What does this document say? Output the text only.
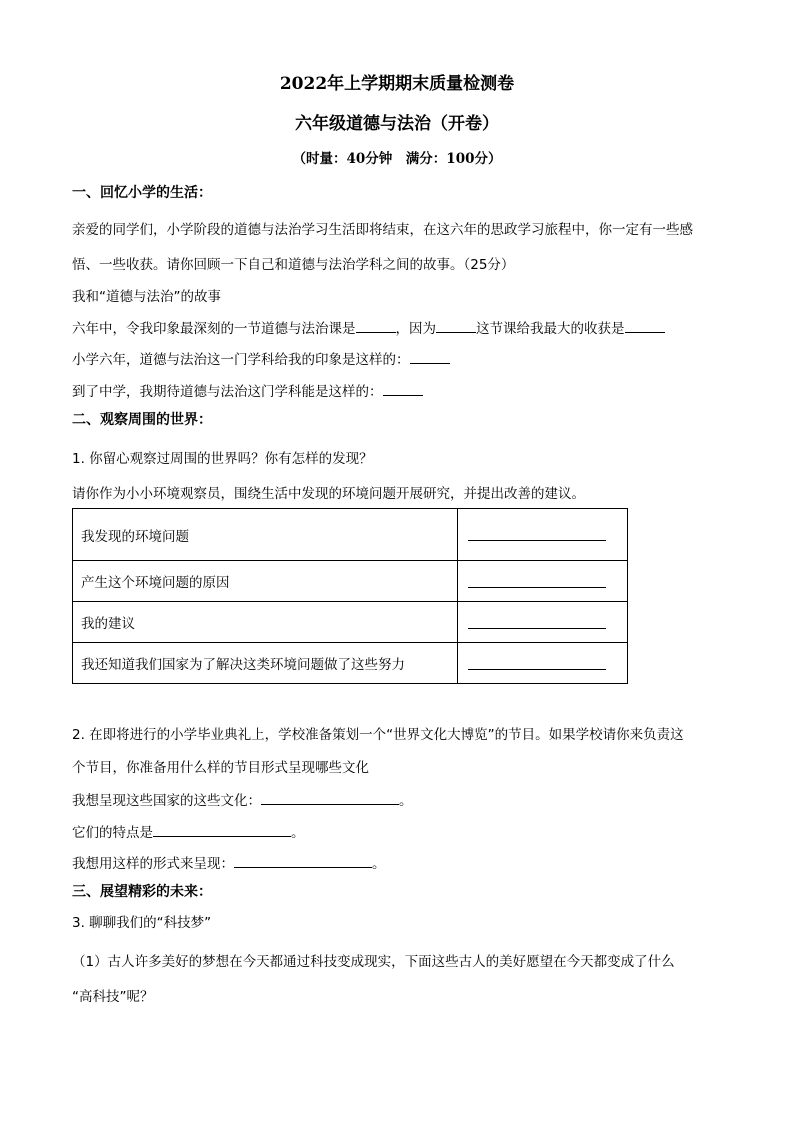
2022年上学期期末质量检测卷
六年级道德与法治（开卷）
（时量：40分钟　满分：100分）
一、回忆小学的生活：
亲爱的同学们，小学阶段的道德与法治学习生活即将结束，在这六年的思政学习旅程中，你一定有一些感
悟、一些收获。请你回顾一下自己和道德与法治学科之间的故事。（25分）
我和“道德与法治”的故事
六年中，令我印象最深刻的一节道德与法治课是	，因为	这节课给我最大的收获是
小学六年，道德与法治这一门学科给我的印象是这样的：
到了中学，我期待道德与法治这门学科能是这样的：
二、观察周围的世界：
1. 你留心观察过周围的世界吗？你有怎样的发现？
请你作为小小环境观察员，围绕生活中发现的环境问题开展研究，并提出改善的建议。
我发现的环境问题	

产生这个环境问题的原因	

我的建议	

我还知道我们国家为了解决这类环境问题做了这些努力	
2. 在即将进行的小学毕业典礼上，学校准备策划一个“世界文化大博览”的节目。如果学校请你来负责这
个节目，你准备用什么样的节目形式呈现哪些文化
我想呈现这些国家的这些文化：	。
它们的特点是	。
我想用这样的形式来呈现：	。
三、展望精彩的未来：
3. 聊聊我们的“科技梦”
（1）古人许多美好的梦想在今天都通过科技变成现实，下面这些古人的美好愿望在今天都变成了什么
“高科技”呢？
